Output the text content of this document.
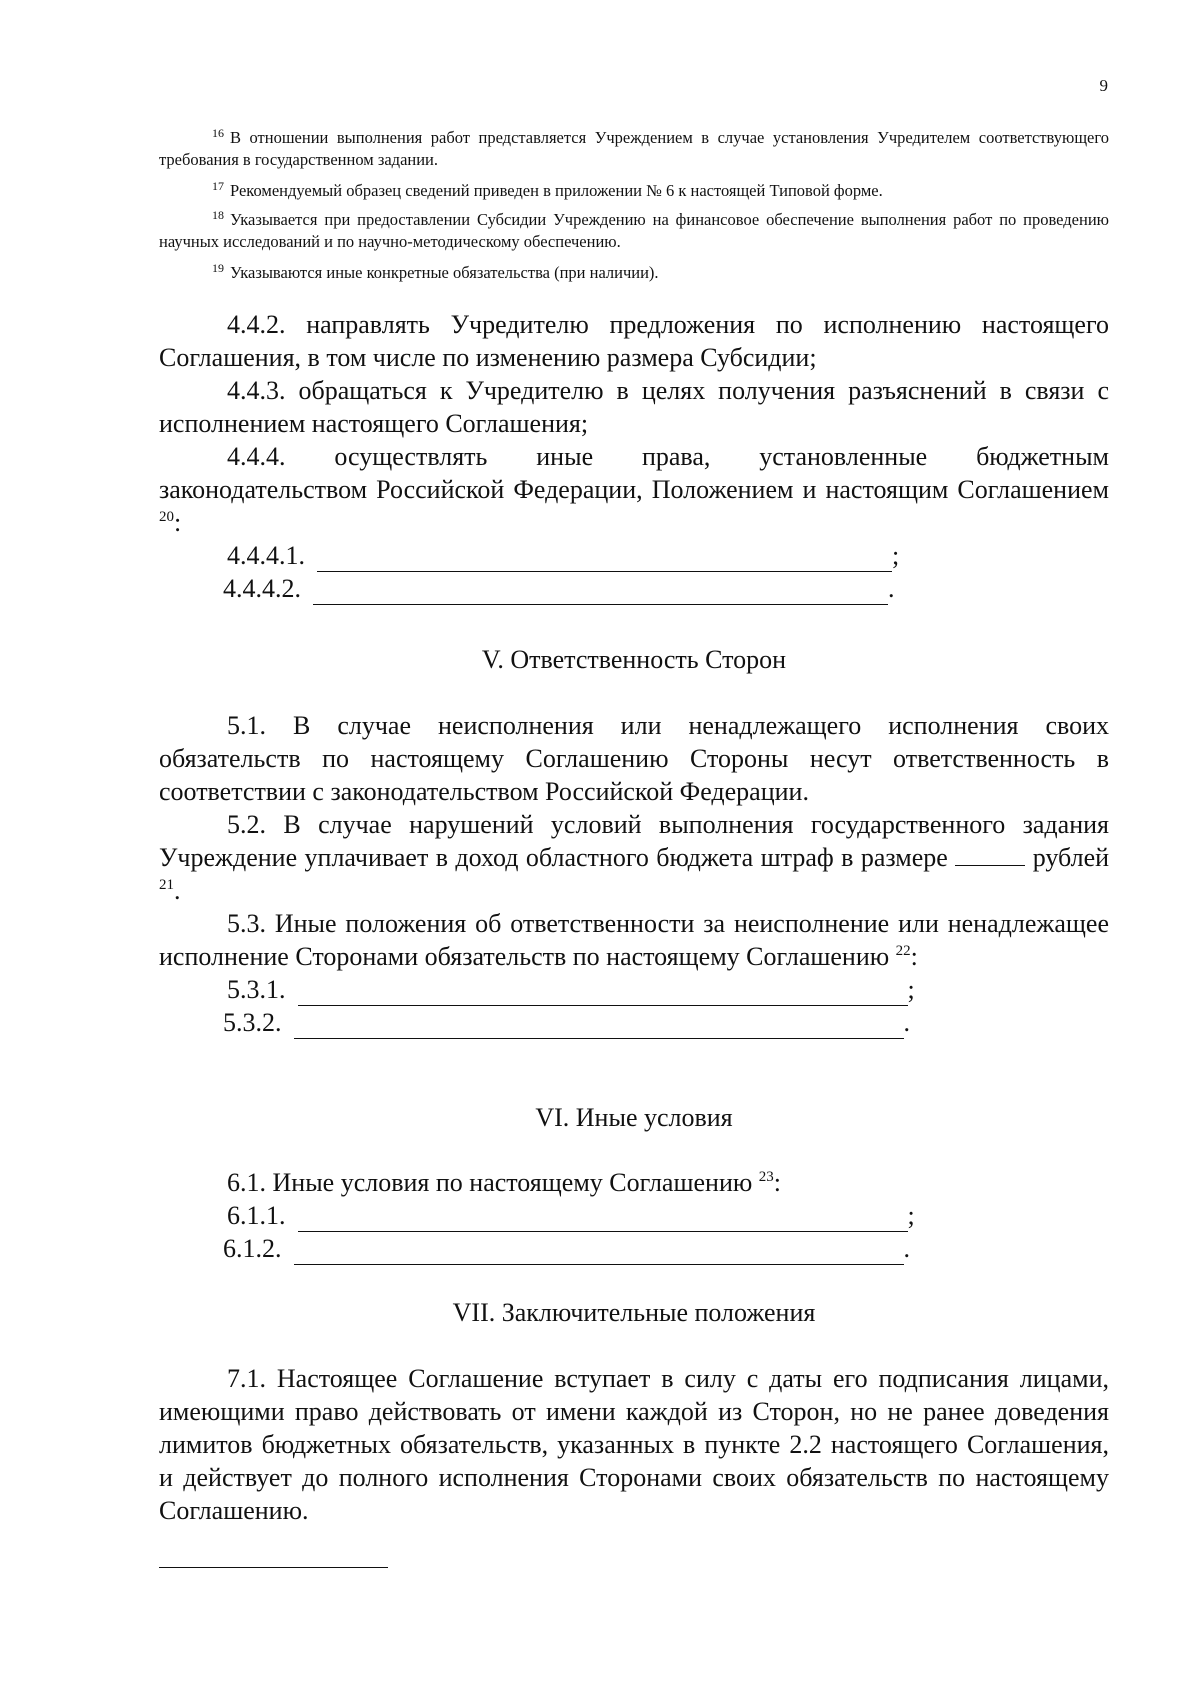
9
$^{16}$ В отношении выполнения работ представляется Учреждением в случае установления Учредителем соответствующего требования в государственном задании.
$^{17}$ Рекомендуемый образец сведений приведен в приложении № 6 к настоящей Типовой форме.
$^{18}$ Указывается при предоставлении Субсидии Учреждению на финансовое обеспечение выполнения работ по проведению научных исследований и по научно-методическому обеспечению.
$^{19}$ Указываются иные конкретные обязательства (при наличии).

4.4.2. направлять Учредителю предложения по исполнению настоящего Соглашения, в том числе по изменению размера Субсидии;

4.4.3. обращаться к Учредителю в целях получения разъяснений в связи с исполнением настоящего Соглашения;

4.4.4. осуществлять иные права, установленные бюджетным законодательством Российской Федерации, Положением и настоящим Соглашением $^{20}$:

4.4.4.1.	;

4.4.4.2.	.

V. Ответственность Сторон

5.1. В случае неисполнения или ненадлежащего исполнения своих обязательств по настоящему Соглашению Стороны несут ответственность в соответствии с законодательством Российской Федерации.

5.2. В случае нарушений условий выполнения государственного задания Учреждение уплачивает в доход областного бюджета штраф в размере	рублей $^{21}$.

5.3. Иные положения об ответственности за неисполнение или ненадлежащее исполнение Сторонами обязательств по настоящему Соглашению $^{22}$:

5.3.1.	;

5.3.2.	.

VI. Иные условия

6.1. Иные условия по настоящему Соглашению $^{23}$:

6.1.1.	;

6.1.2.	.

VII. Заключительные положения

7.1. Настоящее Соглашение вступает в силу с даты его подписания лицами, имеющими право действовать от имени каждой из Сторон, но не ранее доведения лимитов бюджетных обязательств, указанных в пункте 2.2 настоящего Соглашения, и действует до полного исполнения Сторонами своих обязательств по настоящему Соглашению.
